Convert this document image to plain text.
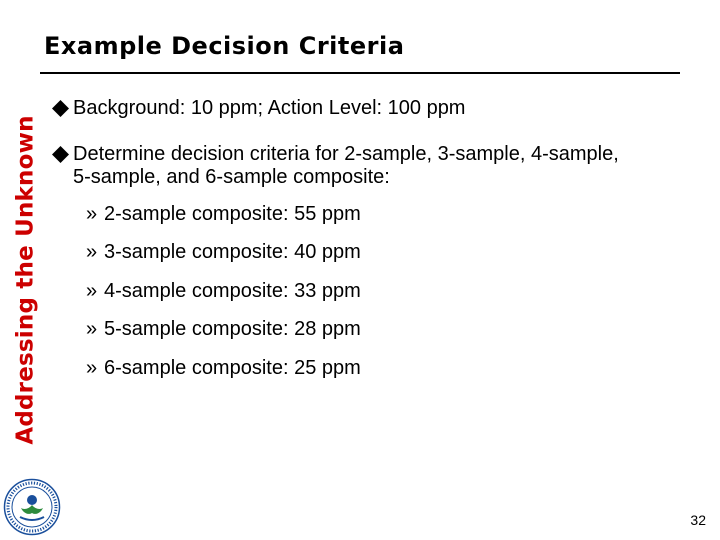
Addressing the Unknown
Example Decision Criteria
Background: 10 ppm; Action Level: 100 ppm
Determine decision criteria for 2-sample, 3-sample, 4-sample, 5-sample, and 6-sample composite:
» 2-sample composite: 55 ppm
» 3-sample composite: 40 ppm
» 4-sample composite: 33 ppm
» 5-sample composite: 28 ppm
» 6-sample composite: 25 ppm
32
